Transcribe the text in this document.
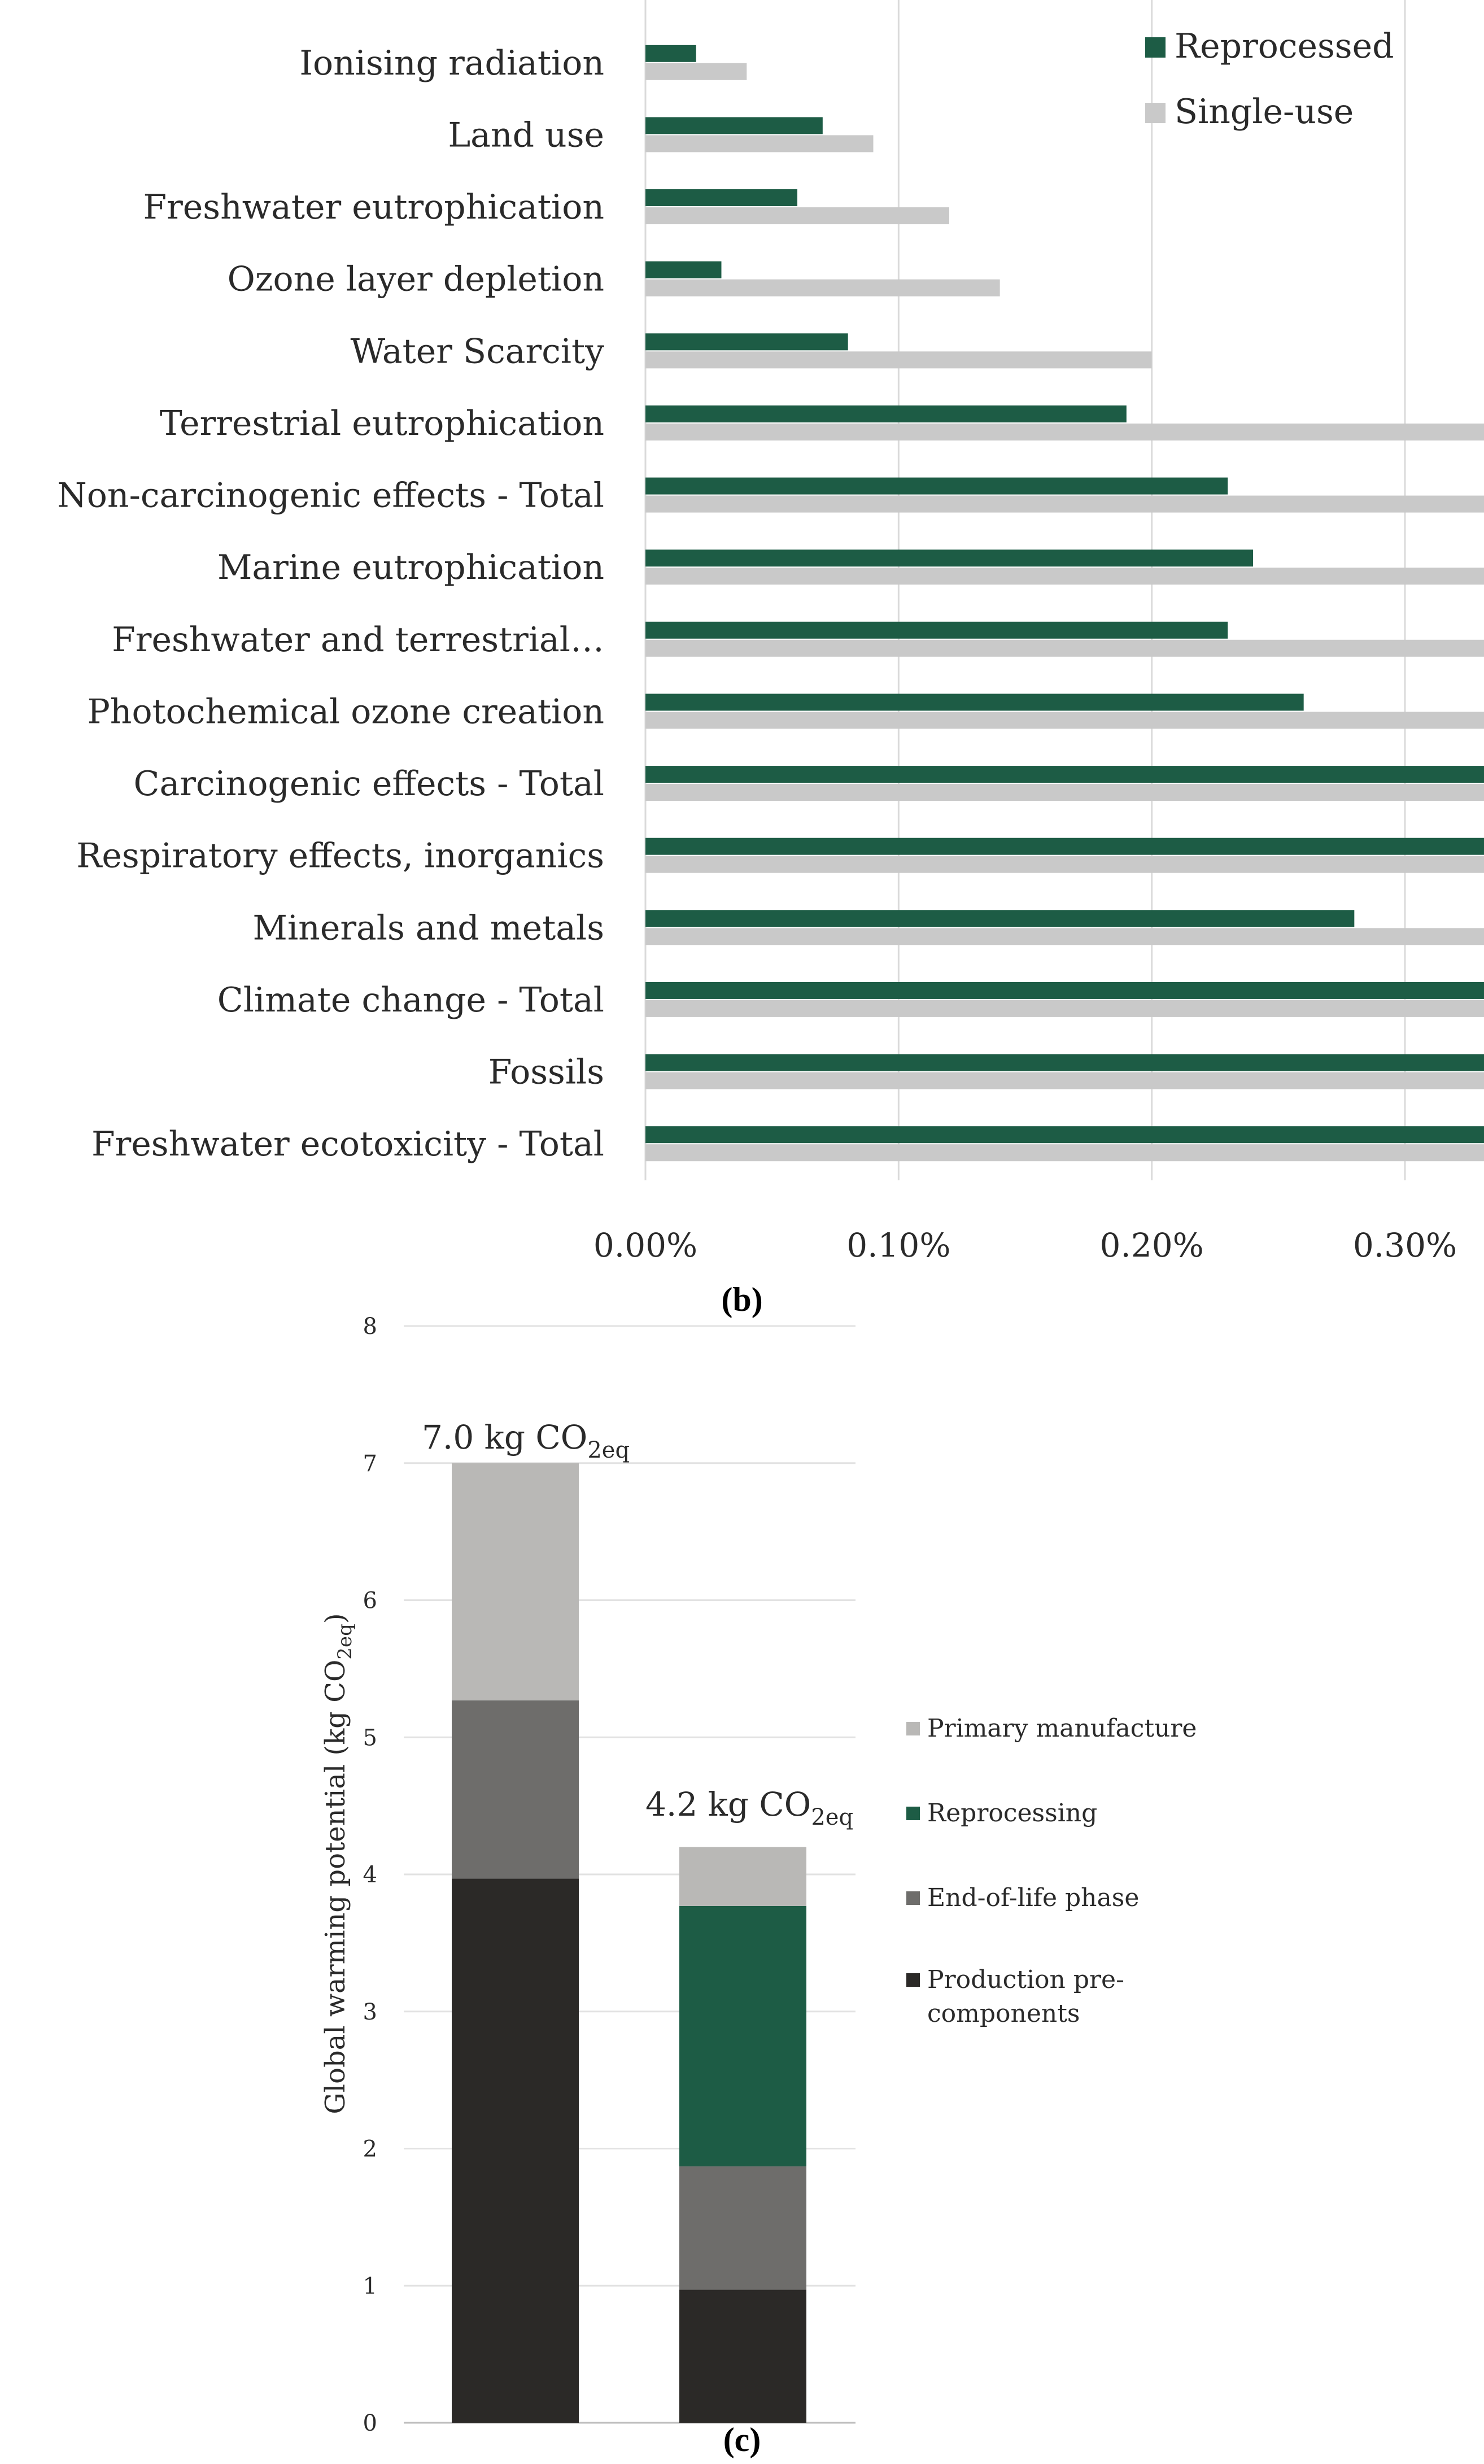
Ionising radiation
Land use
Freshwater eutrophication
Ozone layer depletion
Water Scarcity
Terrestrial eutrophication
Non-carcinogenic effects - Total
Marine eutrophication
Freshwater and terrestrial…
Photochemical ozone creation
Carcinogenic effects - Total
Respiratory effects, inorganics
Minerals and metals
Climate change - Total
Fossils
Freshwater ecotoxicity - Total
0.00%	0.10%	0.20%	0.30%
Reprocessed
Single-use
(b)
0
1
2
3
4
5
6
7
8
7.0 kg $CO_{2eq}$
4.2 kg $CO_{2eq}$
Global warming potential (kg $CO_{2eq}$)
Primary manufacture
Reprocessing
End-of-life phase
Production pre-
components
(c)
